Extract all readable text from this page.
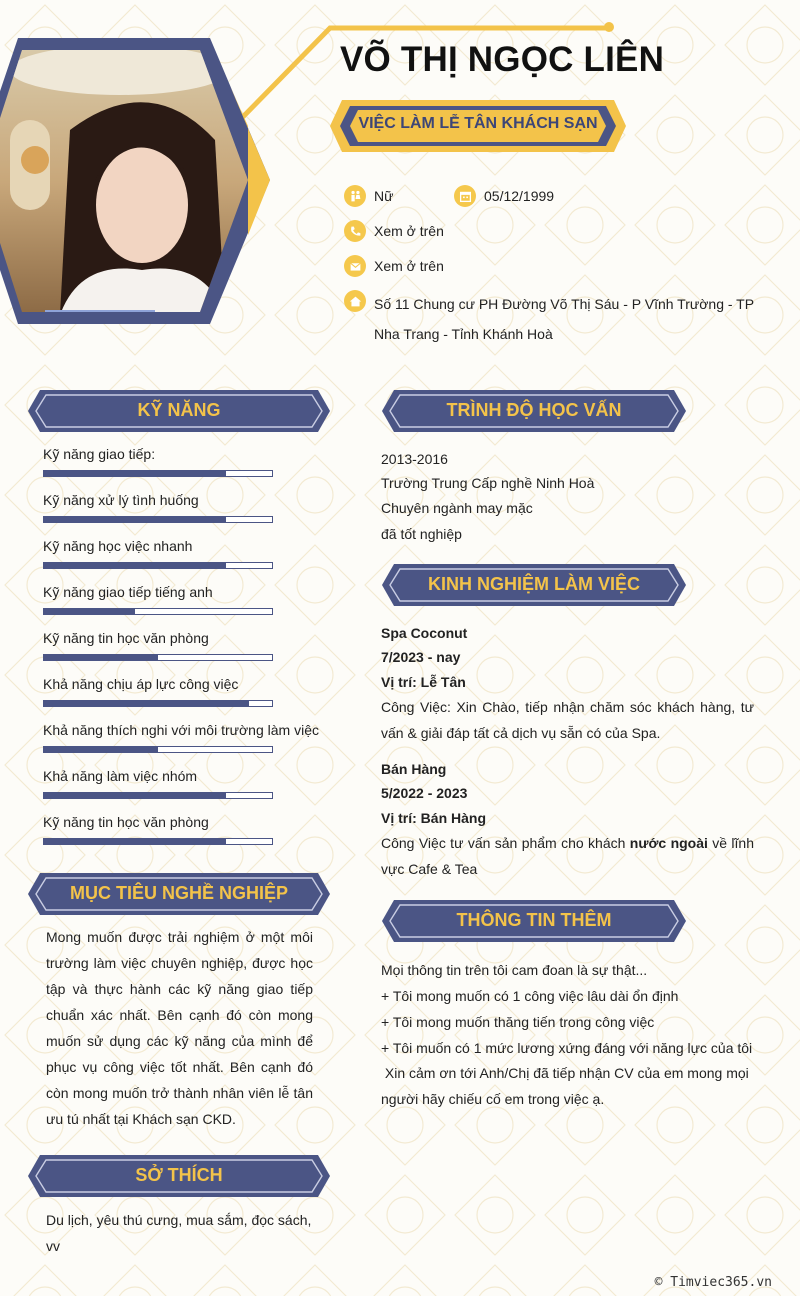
VÕ THỊ NGỌC LIÊN
VIỆC LÀM LỄ TÂN KHÁCH SẠN
Nữ	05/12/1999
Xem ở trên
Xem ở trên
Số 11 Chung cư PH Đường Võ Thị Sáu - P Vĩnh Trường - TP Nha Trang - Tỉnh Khánh Hoà
KỸ NĂNG
Kỹ năng giao tiếp:
Kỹ năng xử lý tình huống
Kỹ năng học việc nhanh
Kỹ năng giao tiếp tiếng anh
Kỹ năng tin học văn phòng
Khả năng chịu áp lực công việc
Khả năng thích nghi với môi trường làm việc
Khả năng làm việc nhóm
Kỹ năng tin học văn phòng
MỤC TIÊU NGHỀ NGHIỆP
Mong muốn được trải nghiệm ở một môi trường làm việc chuyên nghiệp, được học tập và thực hành các kỹ năng giao tiếp chuẩn xác nhất. Bên cạnh đó còn mong muốn sử dụng các kỹ năng của mình để phục vụ công việc tốt nhất. Bên cạnh đó còn mong muốn trở thành nhân viên lễ tân ưu tú nhất tại Khách sạn CKD.
SỞ THÍCH
Du lịch, yêu thú cưng, mua sắm, đọc sách, vv
TRÌNH ĐỘ HỌC VẤN
2013-2016
Trường Trung Cấp nghề Ninh Hoà
Chuyên ngành may mặc
đã tốt nghiệp
KINH NGHIỆM LÀM VIỆC
Spa Coconut
7/2023 - nay
Vị trí: Lễ Tân
Công Việc: Xin Chào, tiếp nhận chăm sóc khách hàng, tư vấn & giải đáp tất cả dịch vụ sẵn có của Spa.
Bán Hàng
5/2022 - 2023
Vị trí: Bán Hàng
Công Việc tư vấn sản phẩm cho khách nước ngoài về lĩnh vực Cafe & Tea
THÔNG TIN THÊM
Mọi thông tin trên tôi cam đoan là sự thật...
+ Tôi mong muốn có 1 công việc lâu dài ổn định
+ Tôi mong muốn thăng tiến trong công việc
+ Tôi muốn có 1 mức lương xứng đáng với năng lực của tôi
Xin cảm ơn tới Anh/Chị đã tiếp nhận CV của em mong mọi người hãy chiếu cố em trong việc ạ.
© Timviec365.vn
